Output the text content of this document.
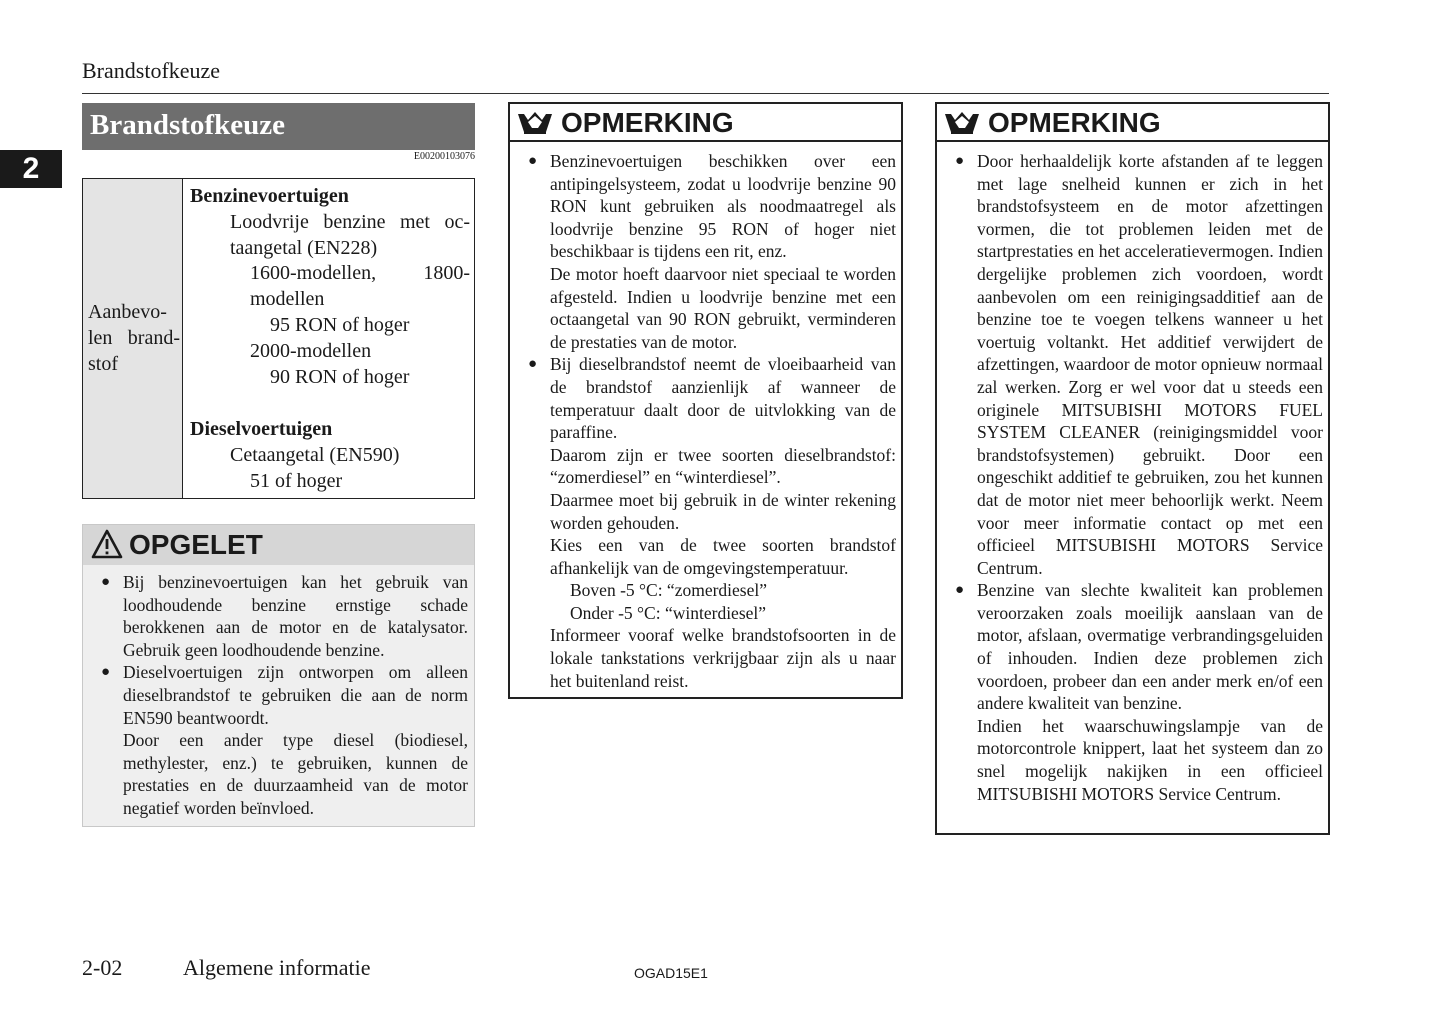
Brandstofkeuze
2
Brandstofkeuze
E00200103076
Aanbevo-len brand-stof
Benzinevoertuigen
Loodvrije benzine met oc-
taangetal (EN228)
1600-modellen, 1800-
modellen
95 RON of hoger
2000-modellen
90 RON of hoger
Dieselvoertuigen
Cetaangetal (EN590)
51 of hoger
OPGELET
● Bij benzinevoertuigen kan het gebruik van loodhoudende benzine ernstige schade berokkenen aan de motor en de katalysator. Gebruik geen loodhoudende benzine.
● Dieselvoertuigen zijn ontworpen om alleen dieselbrandstof te gebruiken die aan de norm EN590 beantwoordt.
Door een ander type diesel (biodiesel, methylester, enz.) te gebruiken, kunnen de prestaties en de duurzaamheid van de motor negatief worden beïnvloed.
OPMERKING
● Benzinevoertuigen beschikken over een antipingelsysteem, zodat u loodvrije benzine 90 RON kunt gebruiken als noodmaatregel als loodvrije benzine 95 RON of hoger niet beschikbaar is tijdens een rit, enz.
De motor hoeft daarvoor niet speciaal te worden afgesteld. Indien u loodvrije benzine met een octaangetal van 90 RON gebruikt, verminderen de prestaties van de motor.
● Bij dieselbrandstof neemt de vloeibaarheid van de brandstof aanzienlijk af wanneer de temperatuur daalt door de uitvlokking van de paraffine.
Daarom zijn er twee soorten dieselbrandstof: “zomerdiesel” en “winterdiesel”.
Daarmee moet bij gebruik in de winter rekening worden gehouden.
Kies een van de twee soorten brandstof afhankelijk van de omgevingstemperatuur.
Boven -5 °C: “zomerdiesel”
Onder -5 °C: “winterdiesel”
Informeer vooraf welke brandstofsoorten in de lokale tankstations verkrijgbaar zijn als u naar het buitenland reist.
OPMERKING
● Door herhaaldelijk korte afstanden af te leggen met lage snelheid kunnen er zich in het brandstofsysteem en de motor afzettingen vormen, die tot problemen leiden met de startprestaties en het acceleratievermogen. Indien dergelijke problemen zich voordoen, wordt aanbevolen om een reinigingsadditief aan de benzine toe te voegen telkens wanneer u het voertuig voltankt. Het additief verwijdert de afzettingen, waardoor de motor opnieuw normaal zal werken. Zorg er wel voor dat u steeds een originele MITSUBISHI MOTORS FUEL SYSTEM CLEANER (reinigingsmiddel voor brandstofsystemen) gebruikt. Door een ongeschikt additief te gebruiken, zou het kunnen dat de motor niet meer behoorlijk werkt. Neem voor meer informatie contact op met een officieel MITSUBISHI MOTORS Service Centrum.
● Benzine van slechte kwaliteit kan problemen veroorzaken zoals moeilijk aanslaan van de motor, afslaan, overmatige verbrandingsgeluiden of inhouden. Indien deze problemen zich voordoen, probeer dan een ander merk en/of een andere kwaliteit van benzine.
Indien het waarschuwingslampje van de motorcontrole knippert, laat het systeem dan zo snel mogelijk nakijken in een officieel MITSUBISHI MOTORS Service Centrum.
2-02	Algemene informatie	OGAD15E1
